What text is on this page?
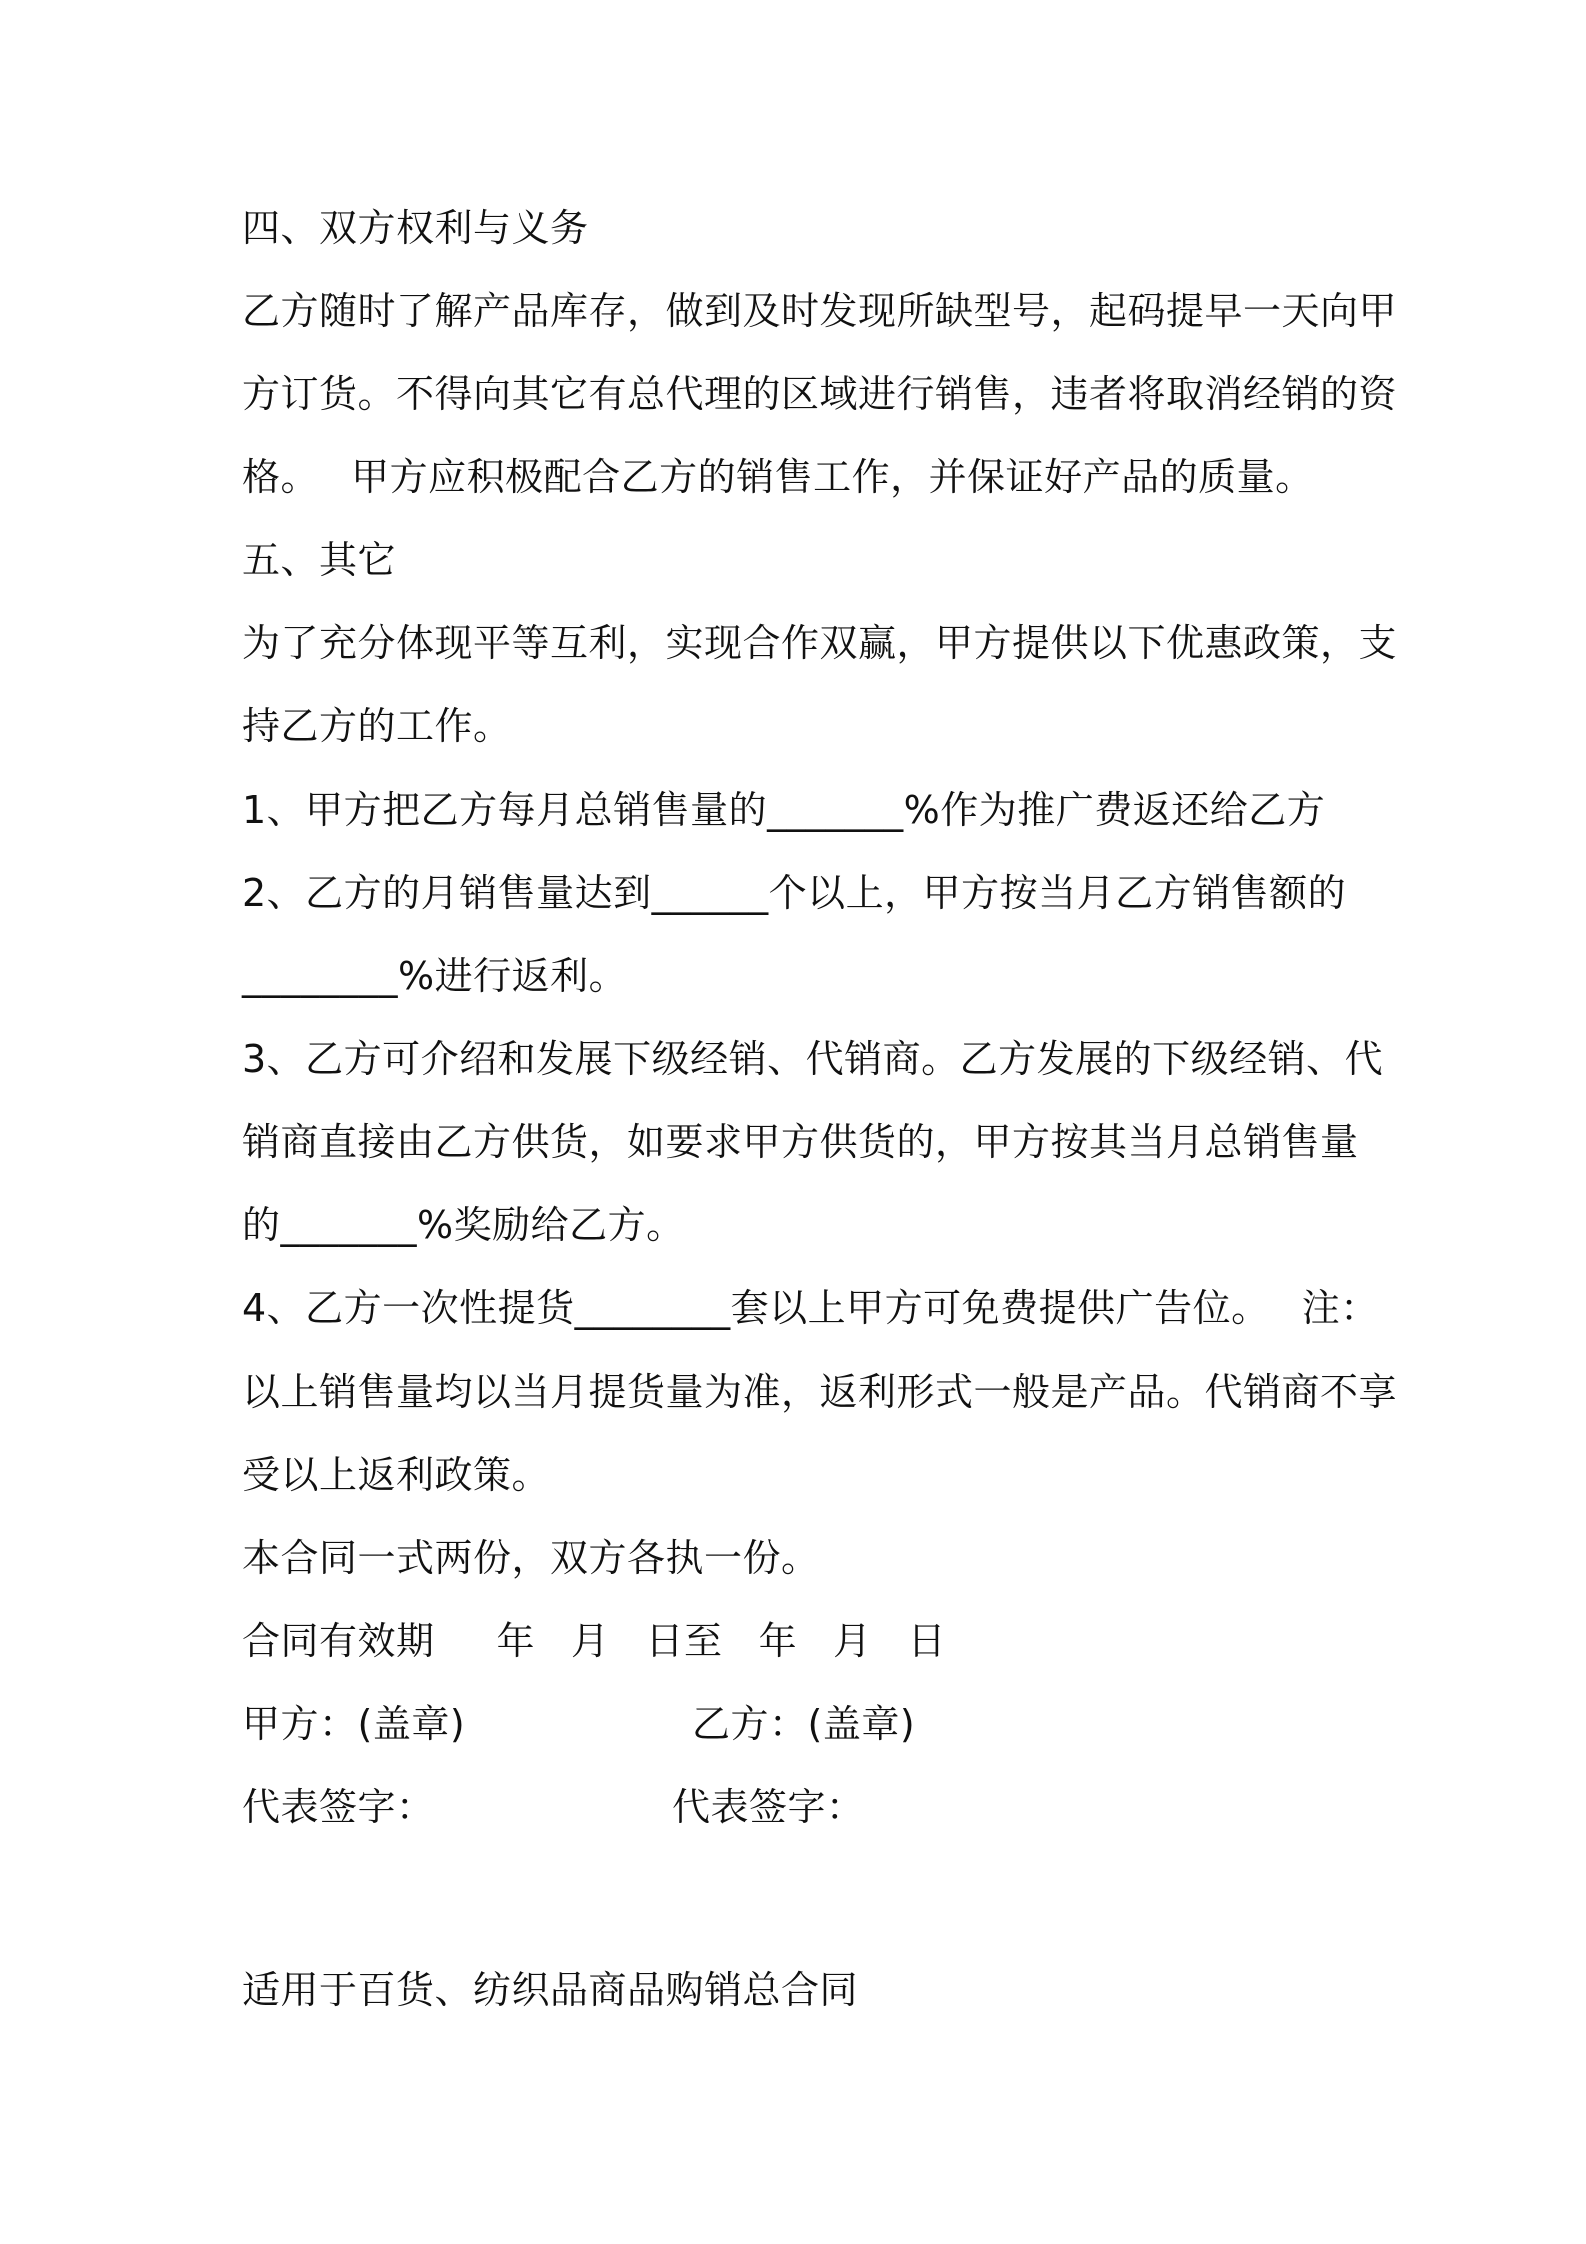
四、双方权利与义务
乙方随时了解产品库存，做到及时发现所缺型号，起码提早一天向甲
方订货。不得向其它有总代理的区域进行销售，违者将取消经销的资
格。　 甲方应积极配合乙方的销售工作，并保证好产品的质量。
五、其它
为了充分体现平等互利，实现合作双赢，甲方提供以下优惠政策，支
持乙方的工作。
1、甲方把乙方每月总销售量的_______%作为推广费返还给乙方
2、乙方的月销售量达到______个以上，甲方按当月乙方销售额的
________%进行返利。
3、乙方可介绍和发展下级经销、代销商。乙方发展的下级经销、代
销商直接由乙方供货，如要求甲方供货的，甲方按其当月总销售量
的_______%奖励给乙方。
4、乙方一次性提货________套以上甲方可免费提供广告位。　 注：
以上销售量均以当月提货量为准，返利形式一般是产品。代销商不享
受以上返利政策。
本合同一式两份，双方各执一份。
合同有效期 年 月 日至 年 月 日
甲方：(盖章)	乙方：(盖章)
代表签字：	代表签字：
适用于百货、纺织品商品购销总合同
